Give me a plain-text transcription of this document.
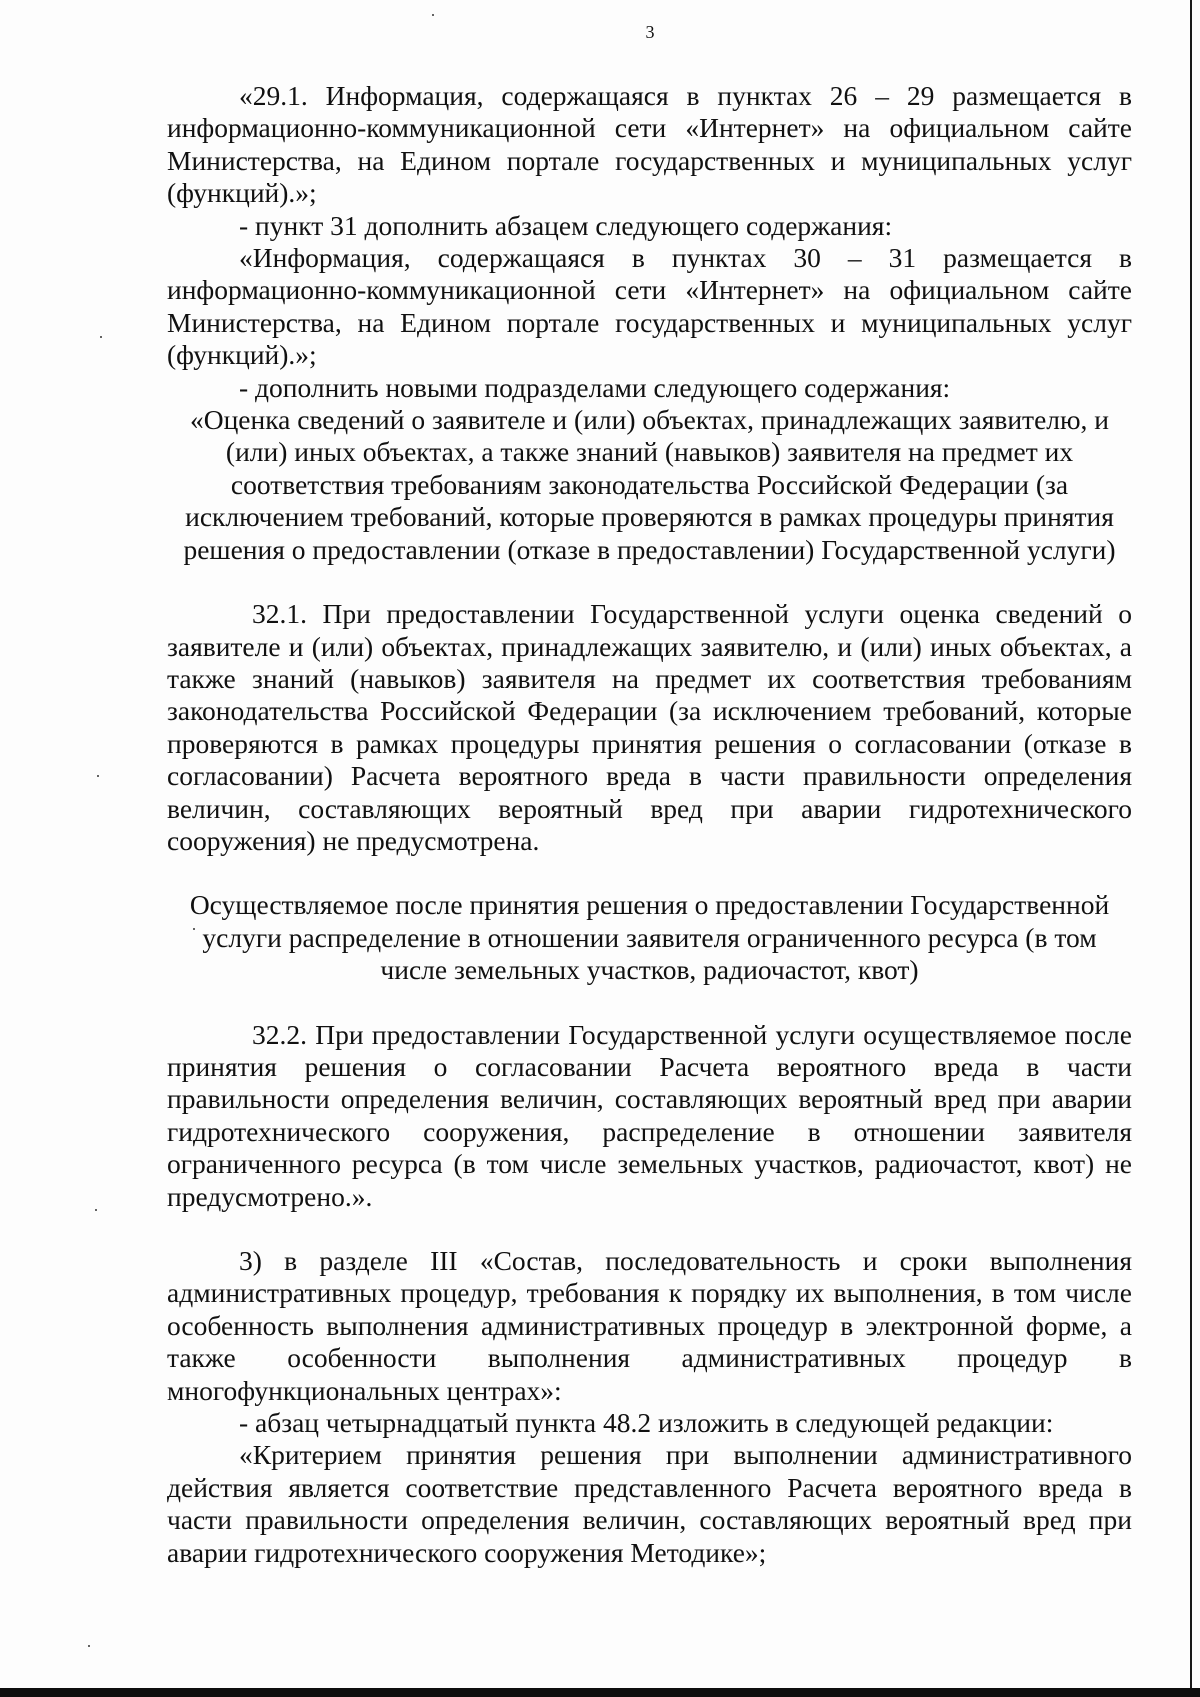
3

«29.1. Информация, содержащаяся в пунктах 26 – 29 размещается в информационно-коммуникационной сети «Интернет» на официальном сайте Министерства, на Едином портале государственных и муниципальных услуг (функций).»;

- пункт 31 дополнить абзацем следующего содержания:

«Информация, содержащаяся в пунктах 30 – 31 размещается в информационно-коммуникационной сети «Интернет» на официальном сайте Министерства, на Едином портале государственных и муниципальных услуг (функций).»;

- дополнить новыми подразделами следующего содержания:

«Оценка сведений о заявителе и (или) объектах, принадлежащих заявителю, и (или) иных объектах, а также знаний (навыков) заявителя на предмет их соответствия требованиям законодательства Российской Федерации (за исключением требований, которые проверяются в рамках процедуры принятия решения о предоставлении (отказе в предоставлении) Государственной услуги)

32.1. При предоставлении Государственной услуги оценка сведений о заявителе и (или) объектах, принадлежащих заявителю, и (или) иных объектах, а также знаний (навыков) заявителя на предмет их соответствия требованиям законодательства Российской Федерации (за исключением требований, которые проверяются в рамках процедуры принятия решения о согласовании (отказе в согласовании) Расчета вероятного вреда в части правильности определения величин, составляющих вероятный вред при аварии гидротехнического сооружения) не предусмотрена.

Осуществляемое после принятия решения о предоставлении Государственной услуги распределение в отношении заявителя ограниченного ресурса (в том числе земельных участков, радиочастот, квот)

32.2. При предоставлении Государственной услуги осуществляемое после принятия решения о согласовании Расчета вероятного вреда в части правильности определения величин, составляющих вероятный вред при аварии гидротехнического сооружения, распределение в отношении заявителя ограниченного ресурса (в том числе земельных участков, радиочастот, квот) не предусмотрено.».

3) в разделе III «Состав, последовательность и сроки выполнения административных процедур, требования к порядку их выполнения, в том числе особенность выполнения административных процедур в электронной форме, а также особенности выполнения административных процедур в многофункциональных центрах»:

- абзац четырнадцатый пункта 48.2 изложить в следующей редакции:

«Критерием принятия решения при выполнении административного действия является соответствие представленного Расчета вероятного вреда в части правильности определения величин, составляющих вероятный вред при аварии гидротехнического сооружения Методике»;
